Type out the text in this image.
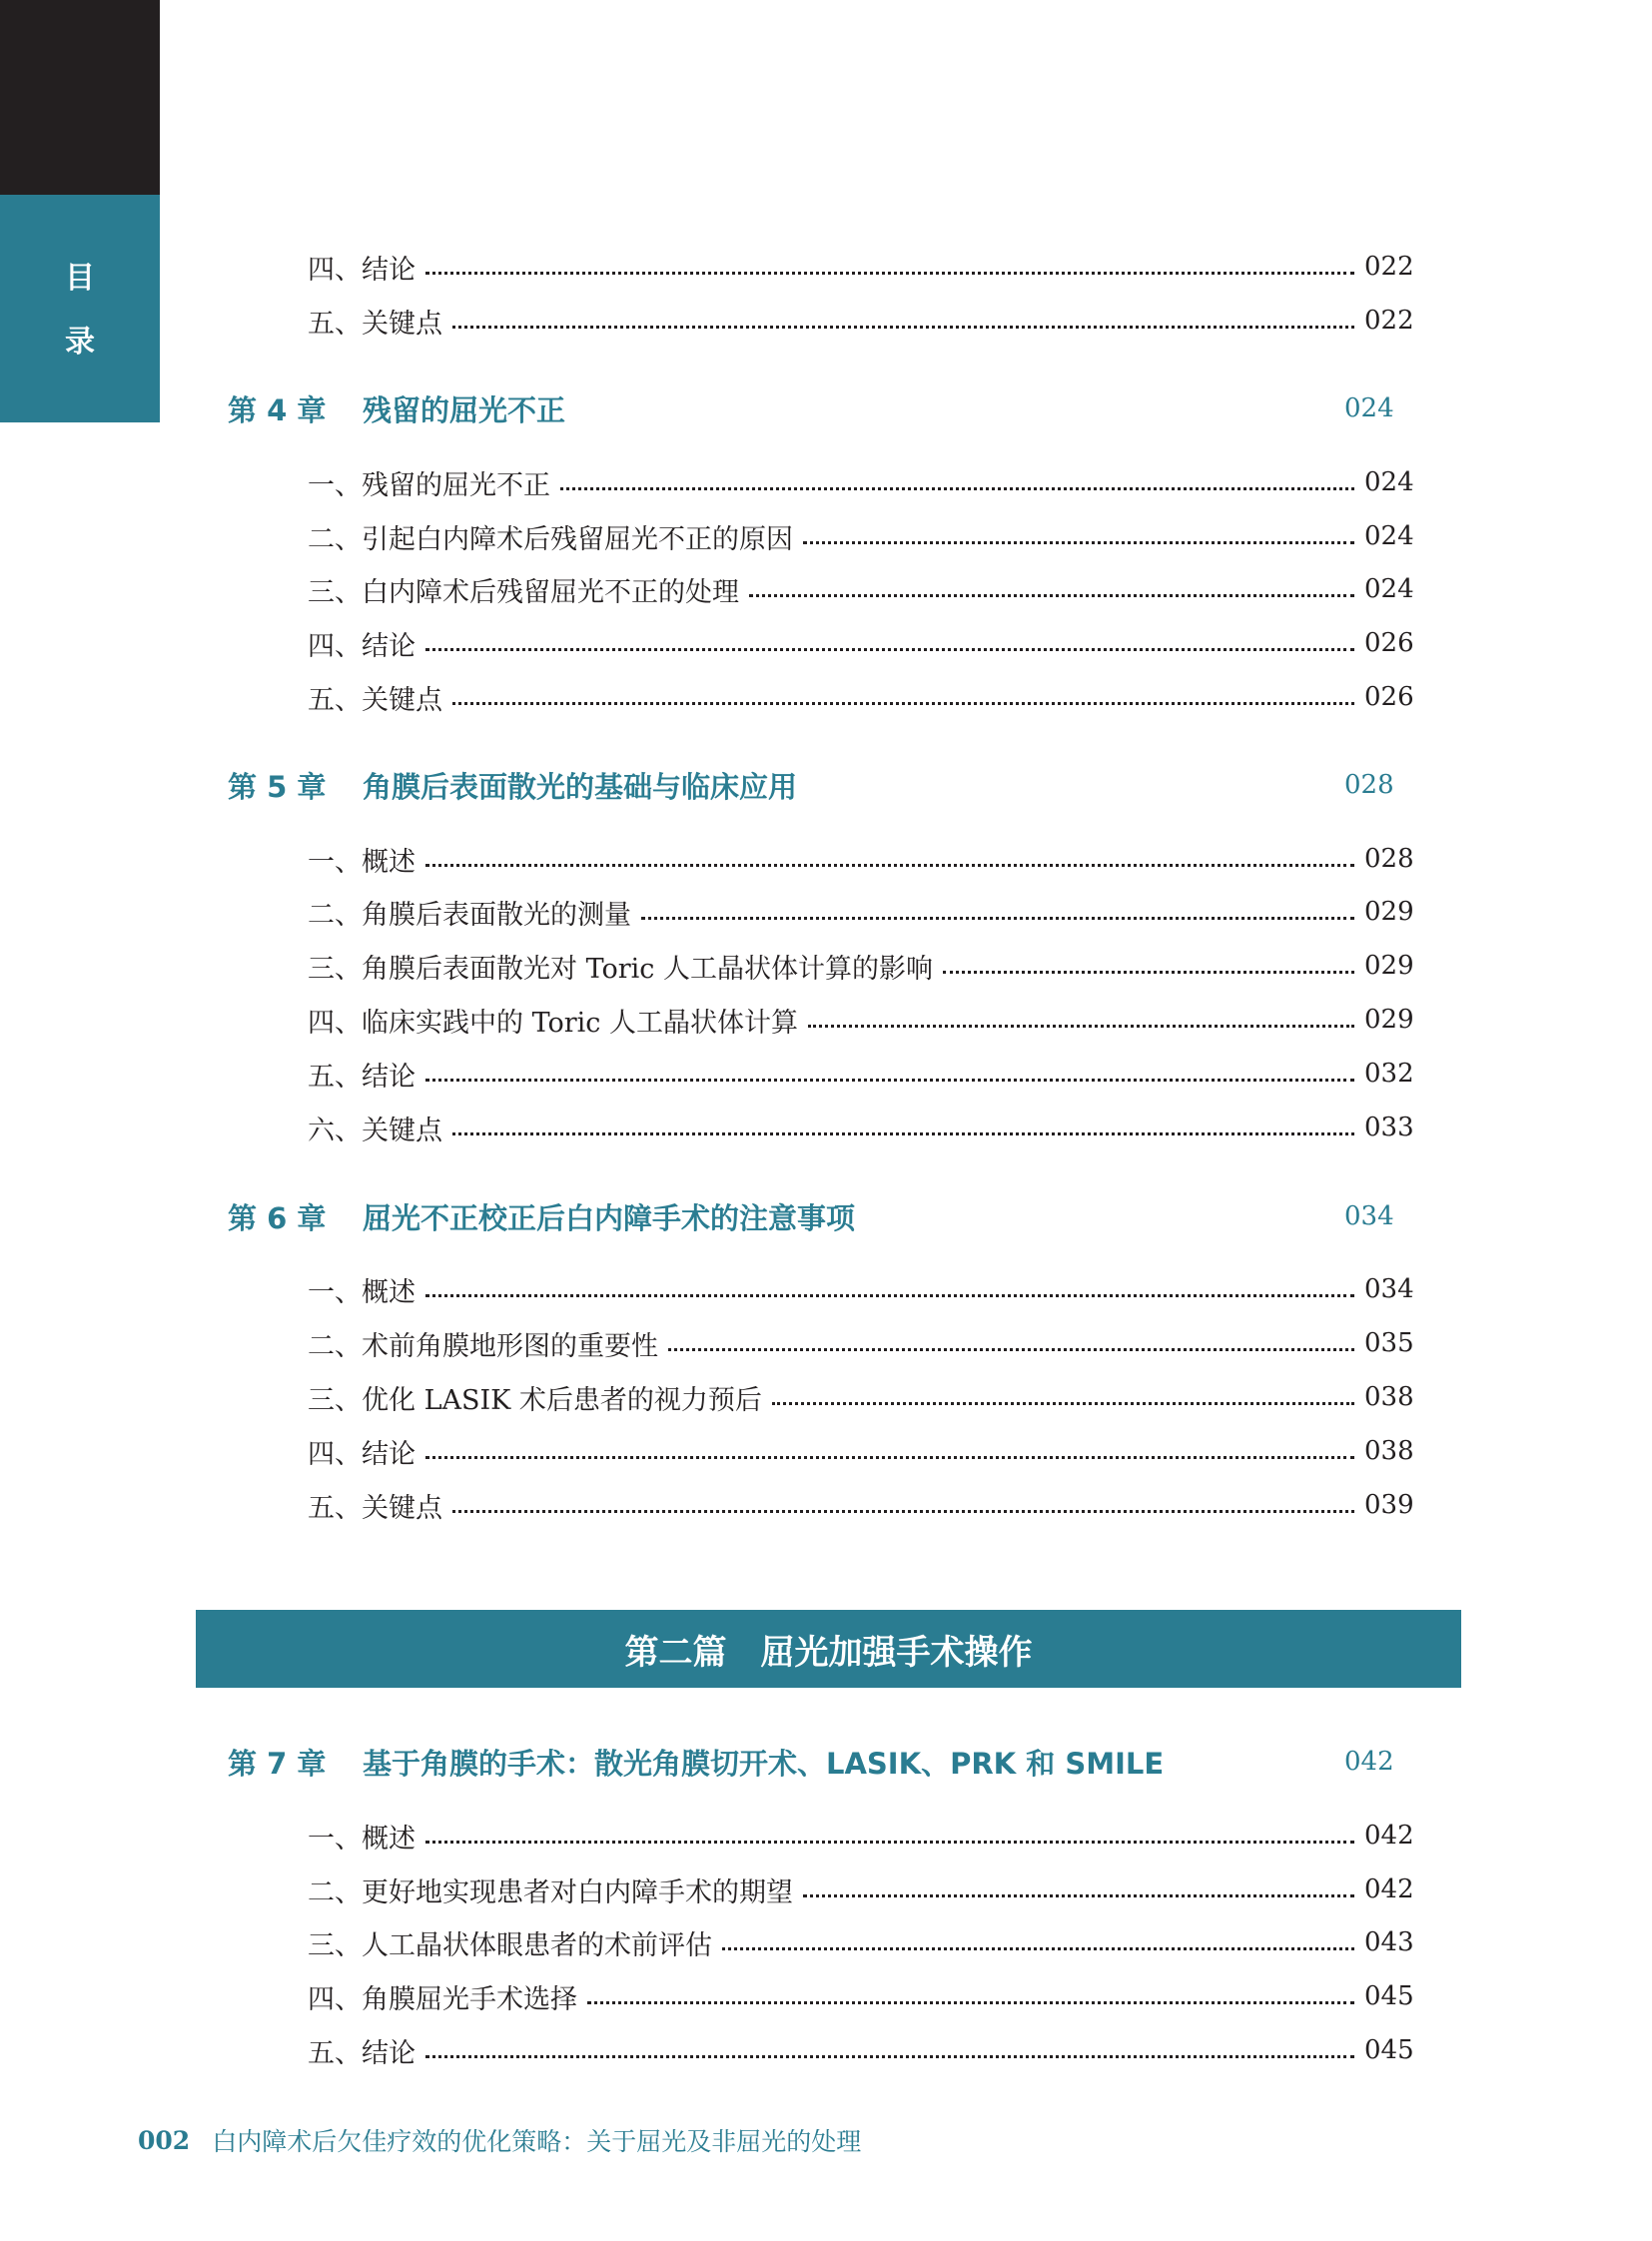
目
录
四、结论	022
五、关键点	022
第 4 章	残留的屈光不正	024
一、残留的屈光不正	024
二、引起白内障术后残留屈光不正的原因	024
三、白内障术后残留屈光不正的处理	024
四、结论	026
五、关键点	026
第 5 章	角膜后表面散光的基础与临床应用	028
一、概述	028
二、角膜后表面散光的测量	029
三、角膜后表面散光对 Toric 人工晶状体计算的影响	029
四、临床实践中的 Toric 人工晶状体计算	029
五、结论	032
六、关键点	033
第 6 章	屈光不正校正后白内障手术的注意事项	034
一、概述	034
二、术前角膜地形图的重要性	035
三、优化 LASIK 术后患者的视力预后	038
四、结论	038
五、关键点	039
第 7 章	基于角膜的手术：散光角膜切开术、LASIK、PRK 和 SMILE	042
一、概述	042
二、更好地实现患者对白内障手术的期望	042
三、人工晶状体眼患者的术前评估	043
四、角膜屈光手术选择	045
五、结论	045
第二篇　屈光加强手术操作
002 白内障术后欠佳疗效的优化策略：关于屈光及非屈光的处理
